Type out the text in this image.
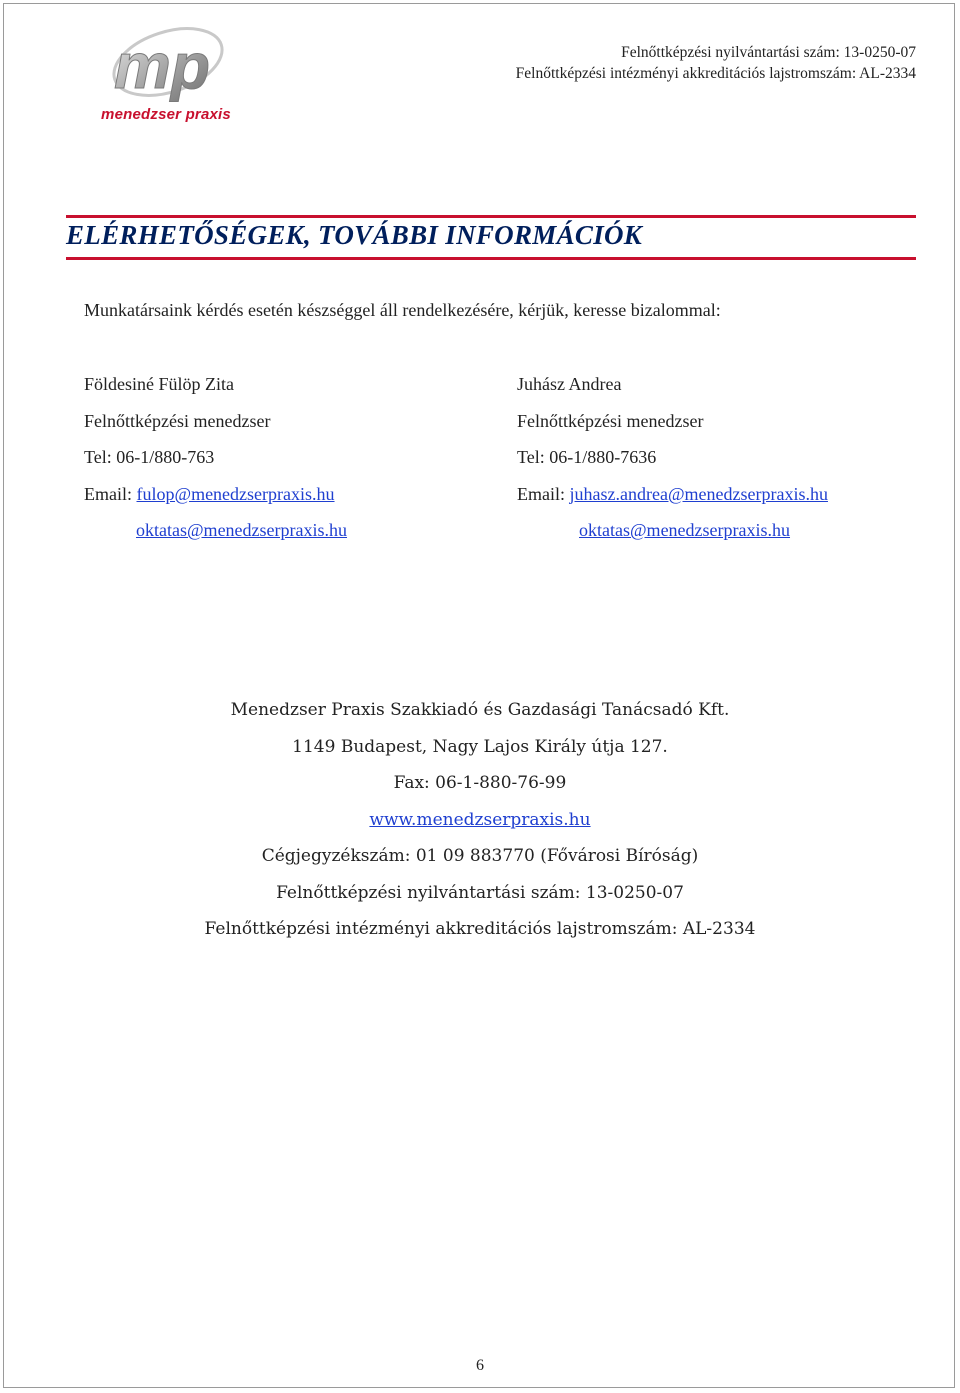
mp
menedzser praxis
Felnőttképzési nyilvántartási szám: 13-0250-07
Felnőttképzési intézményi akkreditációs lajstromszám: AL-2334
ELÉRHETŐSÉGEK, TOVÁBBI INFORMÁCIÓK
Munkatársaink kérdés esetén készséggel áll rendelkezésére, kérjük, keresse bizalommal:
Földesiné Fülöp Zita
Felnőttképzési menedzser
Tel: 06-1/880-763
Email: fulop@menedzserpraxis.hu
oktatas@menedzserpraxis.hu
Juhász Andrea
Felnőttképzési menedzser
Tel: 06-1/880-7636
Email: juhasz.andrea@menedzserpraxis.hu
oktatas@menedzserpraxis.hu
Menedzser Praxis Szakkiadó és Gazdasági Tanácsadó Kft.
1149 Budapest, Nagy Lajos Király útja 127.
Fax: 06-1-880-76-99
www.menedzserpraxis.hu
Cégjegyzékszám: 01 09 883770 (Fővárosi Bíróság)
Felnőttképzési nyilvántartási szám: 13-0250-07
Felnőttképzési intézményi akkreditációs lajstromszám: AL-2334
6
